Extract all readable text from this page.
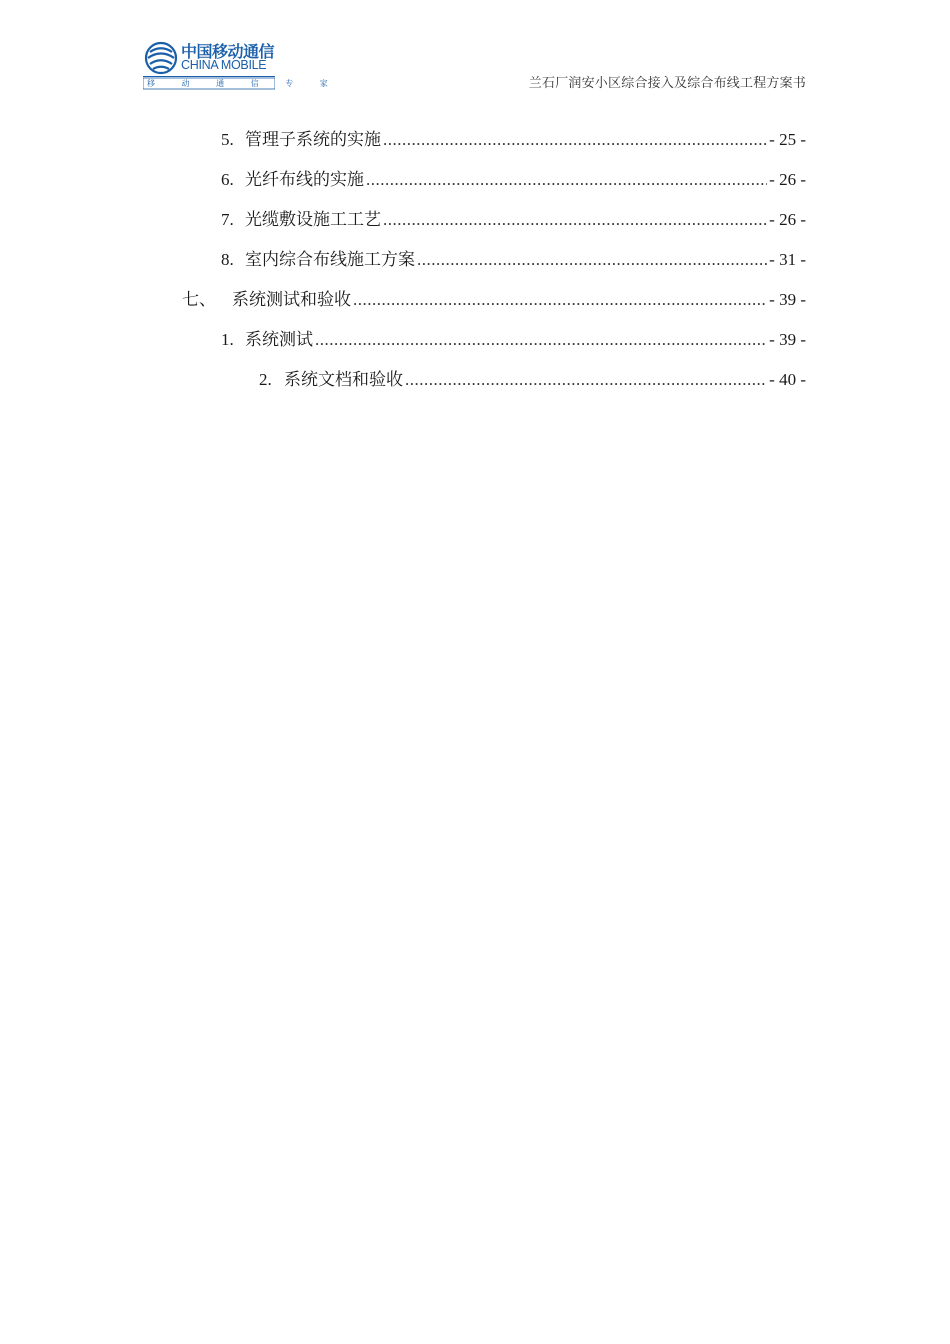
中国移动通信
CHINA MOBILE
移 动 通 信 专 家	兰石厂润安小区综合接入及综合布线工程方案书
5. 管理子系统的实施 .....	- 25 -
6. 光纤布线的实施 .....	- 26 -
7. 光缆敷设施工工艺 .....	- 26 -
8. 室内综合布线施工方案 .....	- 31 -
七、 系统测试和验收 .....	- 39 -
1. 系统测试 .....	- 39 -
2. 系统文档和验收 .....	- 40 -
